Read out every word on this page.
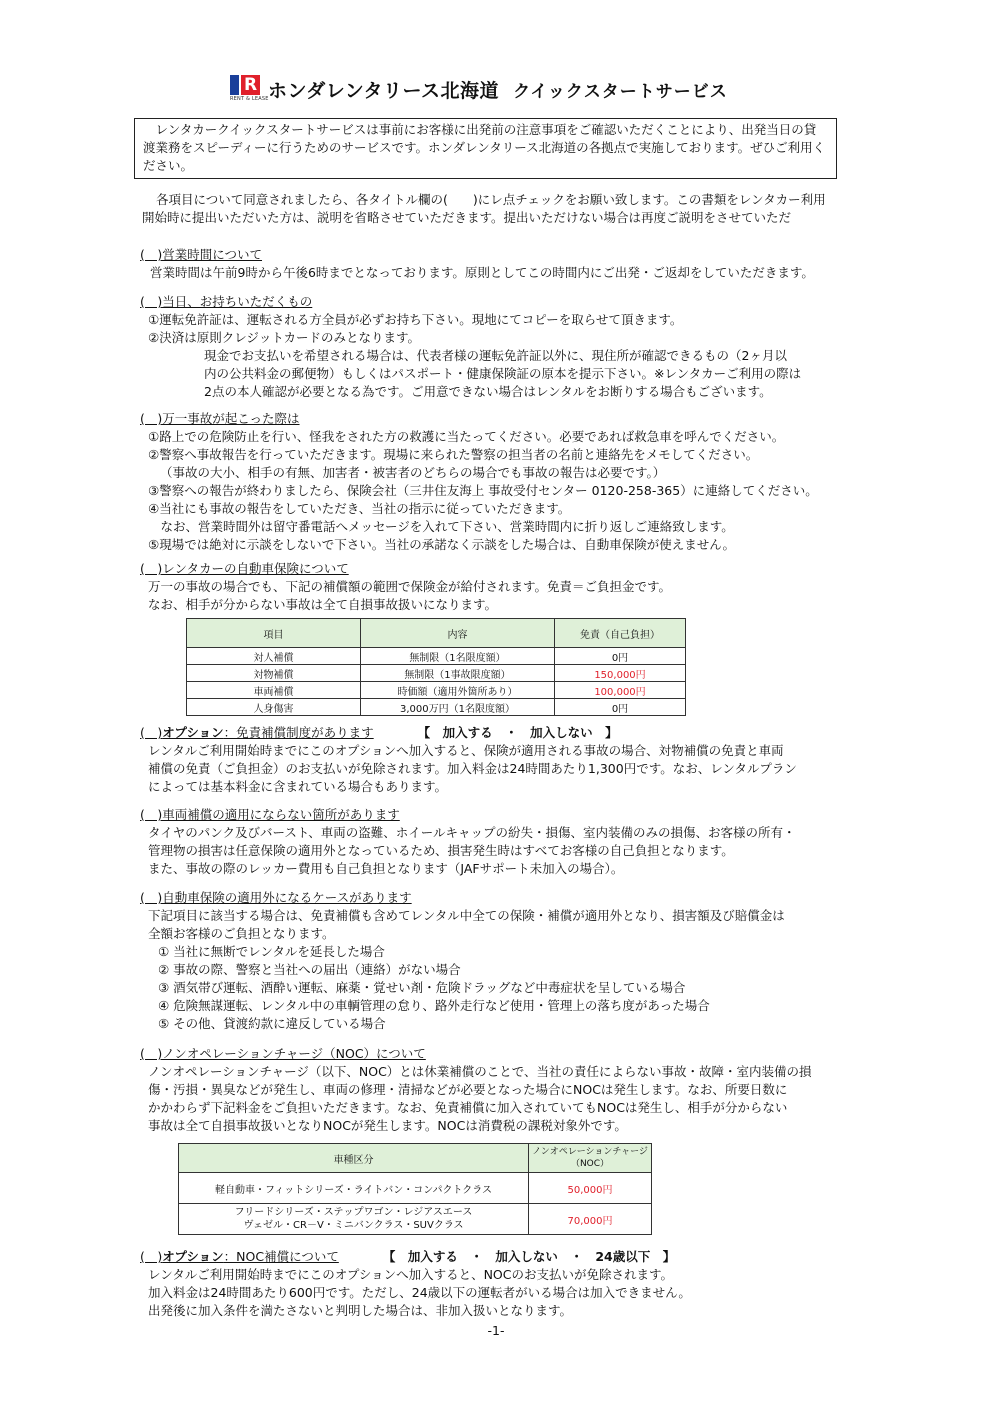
R
RENT & LEASE ホンダレンタリース北海道 クイックスタートサービス

　レンタカークイックスタートサービスは事前にお客様に出発前の注意事項をご確認いただくことにより、出発当日の貸渡業務をスピーディーに行うためのサービスです。ホンダレンタリース北海道の各拠点で実施しております。ぜひご利用ください。

各項目について同意されましたら、各タイトル欄の(　　)にレ点チェックをお願い致します。この書類をレンタカー利用

開始時に提出いただいた方は、説明を省略させていただきます。提出いただけない場合は再度ご説明をさせていただ

(　)営業時間について

営業時間は午前9時から午後6時までとなっております。原則としてこの時間内にご出発・ご返却をしていただきます。

(　)当日、お持ちいただくもの

①運転免許証は、運転される方全員が必ずお持ち下さい。現地にてコピーを取らせて頂きます。

②決済は原則クレジットカードのみとなります。

現金でお支払いを希望される場合は、代表者様の運転免許証以外に、現住所が確認できるもの（2ヶ月以

内の公共料金の郵便物）もしくはパスポート・健康保険証の原本を提示下さい。※レンタカーご利用の際は

2点の本人確認が必要となる為です。ご用意できない場合はレンタルをお断りする場合もございます。

(　)万一事故が起こった際は

①路上での危険防止を行い、怪我をされた方の救護に当たってください。必要であれば救急車を呼んでください。

②警察へ事故報告を行っていただきます。現場に来られた警察の担当者の名前と連絡先をメモしてください。

（事故の大小、相手の有無、加害者・被害者のどちらの場合でも事故の報告は必要です。）

③警察への報告が終わりましたら、保険会社（三井住友海上 事故受付センター 0120-258-365）に連絡してください。

④当社にも事故の報告をしていただき、当社の指示に従っていただきます。

　なお、営業時間外は留守番電話へメッセージを入れて下さい、営業時間内に折り返しご連絡致します。

⑤現場では絶対に示談をしないで下さい。当社の承諾なく示談をした場合は、自動車保険が使えません。

(　)レンタカーの自動車保険について

万一の事故の場合でも、下記の補償額の範囲で保険金が給付されます。免責＝ご負担金です。

なお、相手が分からない事故は全て自損事故扱いになります。

項目	内容	免責（自己負担）
対人補償	無制限（1名限度額）	0円
対物補償	無制限（1事故限度額）	150,000円
車両補償	時価額（適用外箇所あり）	100,000円
人身傷害	3,000万円（1名限度額）	0円
(　)オプション：免責補償制度があります	【　加入する　・　加入しない　】

レンタルご利用開始時までにこのオプションへ加入すると、保険が適用される事故の場合、対物補償の免責と車両

補償の免責（ご負担金）のお支払いが免除されます。加入料金は24時間あたり1,300円です。なお、レンタルプラン

によっては基本料金に含まれている場合もあります。

(　)車両補償の適用にならない箇所があります

タイヤのパンク及びバースト、車両の盗難、ホイールキャップの紛失・損傷、室内装備のみの損傷、お客様の所有・

管理物の損害は任意保険の適用外となっているため、損害発生時はすべてお客様の自己負担となります。

また、事故の際のレッカー費用も自己負担となります（JAFサポート未加入の場合）。

(　)自動車保険の適用外になるケースがあります

下記項目に該当する場合は、免責補償も含めてレンタル中全ての保険・補償が適用外となり、損害額及び賠償金は

全額お客様のご負担となります。

① 当社に無断でレンタルを延長した場合

② 事故の際、警察と当社への届出（連絡）がない場合

③ 酒気帯び運転、酒酔い運転、麻薬・覚せい剤・危険ドラッグなど中毒症状を呈している場合

④ 危険無謀運転、レンタル中の車輌管理の怠り、路外走行など使用・管理上の落ち度があった場合

⑤ その他、貸渡約款に違反している場合

(　)ノンオペレーションチャージ（NOC）について

ノンオペレーションチャージ（以下、NOC）とは休業補償のことで、当社の責任によらない事故・故障・室内装備の損

傷・汚損・異臭などが発生し、車両の修理・清掃などが必要となった場合にNOCは発生します。なお、所要日数に

かかわらず下記料金をご負担いただきます。なお、免責補償に加入されていてもNOCは発生し、相手が分からない

事故は全て自損事故扱いとなりNOCが発生します。NOCは消費税の課税対象外です。

車種区分	ノンオペレーションチャージ
（NOC）
軽自動車・フィットシリーズ・ライトバン・コンパクトクラス	50,000円
フリードシリーズ・ステップワゴン・レジアスエース
ヴェゼル・CR－V・ミニバンクラス・SUVクラス	70,000円
(　)オプション：NOC補償について	【　加入する　・　加入しない　・　24歳以下　】

レンタルご利用開始時までにこのオプションへ加入すると、NOCのお支払いが免除されます。

加入料金は24時間あたり600円です。ただし、24歳以下の運転者がいる場合は加入できません。

出発後に加入条件を満たさないと判明した場合は、非加入扱いとなります。

-1-
